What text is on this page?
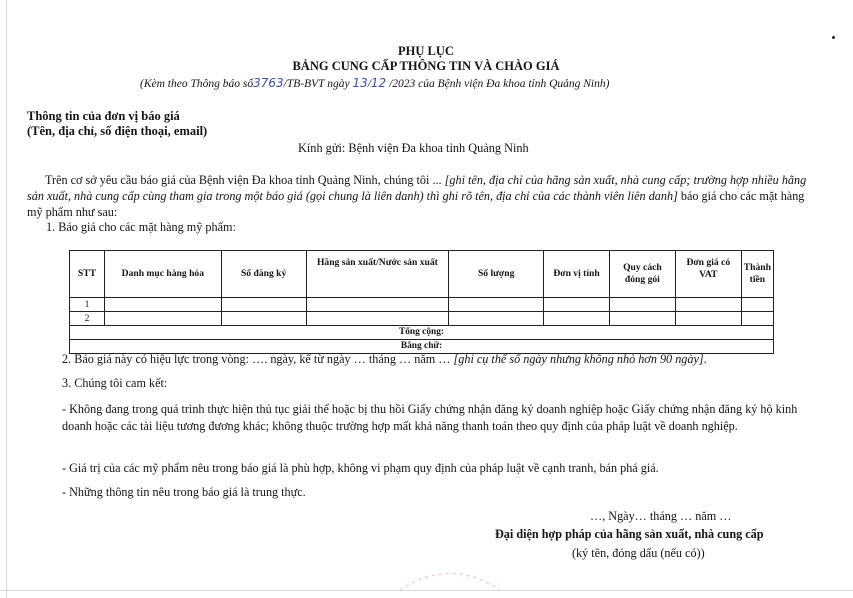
PHỤ LỤC
BẢNG CUNG CẤP THÔNG TIN VÀ CHÀO GIÁ
(Kèm theo Thông báo số3763/TB-BVT ngày 13/12 /2023 của Bệnh viện Đa khoa tỉnh Quảng Ninh)
Thông tin của đơn vị báo giá
(Tên, địa chỉ, số điện thoại, email)
Kính gửi: Bệnh viện Đa khoa tỉnh Quảng Ninh

Trên cơ sở yêu cầu báo giá của Bệnh viện Đa khoa tỉnh Quảng Ninh, chúng tôi ... [ghi tên, địa chỉ của hãng sản xuất, nhà cung cấp; trường hợp nhiều hãng sản xuất, nhà cung cấp cùng tham gia trong một báo giá (gọi chung là liên danh) thì ghi rõ tên, địa chỉ của các thành viên liên danh] báo giá cho các mặt hàng mỹ phẩm như sau:

1. Báo giá cho các mặt hàng mỹ phẩm:
STT	Danh mục hàng hóa	Số đăng ký	Hãng sản xuất/Nước sản xuất	Số lượng	Đơn vị tính	Quy cách đóng gói	Đơn giá có VAT	Thành tiền
1								
2								
Tổng cộng:								
Bằng chữ:								
2. Báo giá này có hiệu lực trong vòng: …. ngày, kể từ ngày … tháng … năm … [ghi cụ thể số ngày nhưng không nhỏ hơn 90 ngày].
3. Chúng tôi cam kết:

- Không đang trong quá trình thực hiện thủ tục giải thể hoặc bị thu hồi Giấy chứng nhận đăng ký doanh nghiệp hoặc Giấy chứng nhận đăng ký hộ kinh doanh hoặc các tài liệu tương đương khác; không thuộc trường hợp mất khả năng thanh toán theo quy định của pháp luật về doanh nghiệp.

- Giá trị của các mỹ phẩm nêu trong báo giá là phù hợp, không vi phạm quy định của pháp luật về cạnh tranh, bán phá giá.

- Những thông tin nêu trong báo giá là trung thực.

…, Ngày… tháng … năm …
Đại diện hợp pháp của hãng sản xuất, nhà cung cấp
(ký tên, đóng dấu (nếu có))
